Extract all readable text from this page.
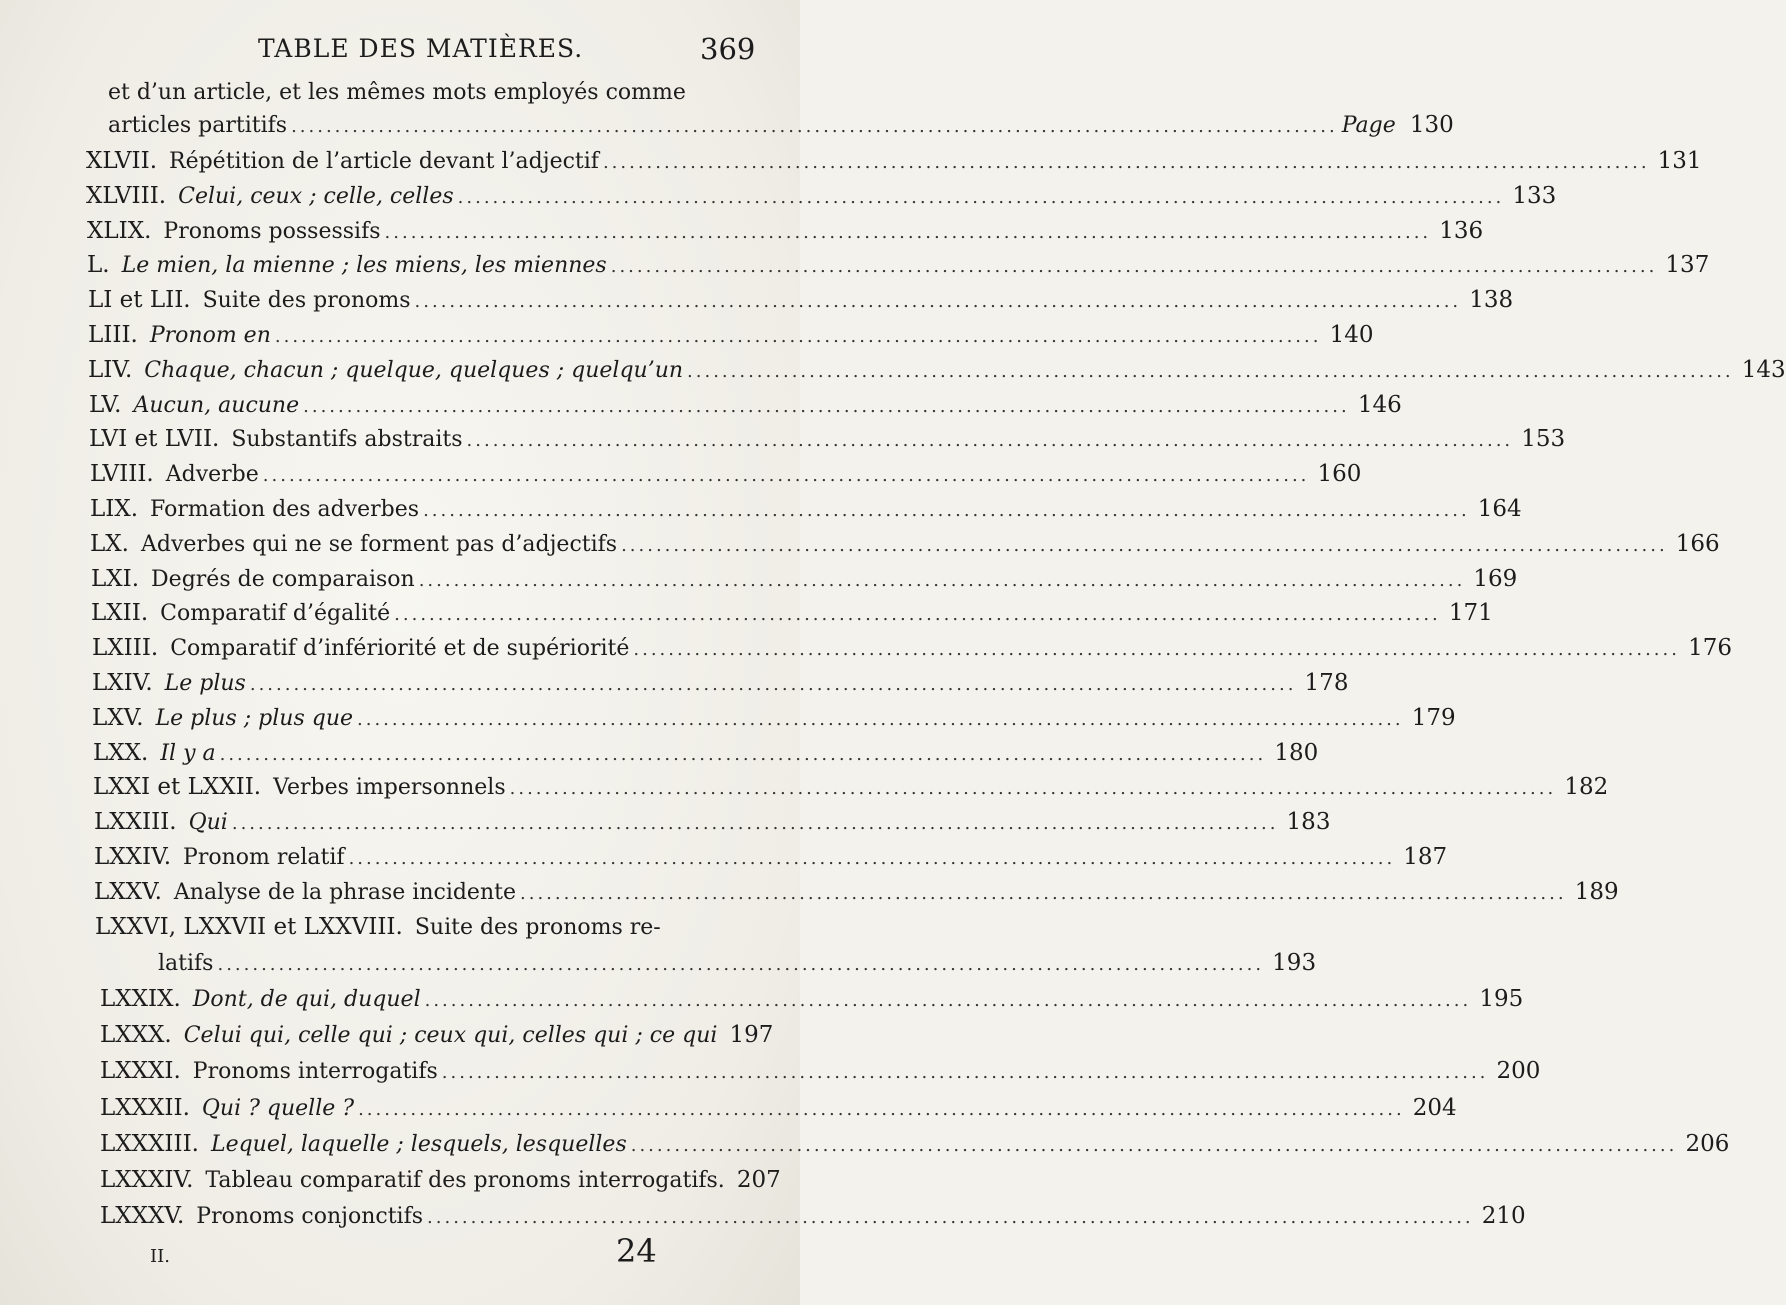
TABLE DES MATIÈRES.	369
et d’un article, et les mêmes mots employés comme
articles partitifs ........................................................................................................................ Page 130
XLVII. Répétition de l’article devant l’adjectif ........................................................................................................................ 131
XLVIII. Celui, ceux ; celle, celles ........................................................................................................................ 133
XLIX. Pronoms possessifs ........................................................................................................................ 136
L. Le mien, la mienne ; les miens, les miennes ........................................................................................................................ 137
LI et LII. Suite des pronoms ........................................................................................................................ 138
LIII. Pronom en ........................................................................................................................ 140
LIV. Chaque, chacun ; quelque, quelques ; quelqu’un ........................................................................................................................ 143
LV. Aucun, aucune ........................................................................................................................ 146
LVI et LVII. Substantifs abstraits ........................................................................................................................ 153
LVIII. Adverbe ........................................................................................................................ 160
LIX. Formation des adverbes ........................................................................................................................ 164
LX. Adverbes qui ne se forment pas d’adjectifs ........................................................................................................................ 166
LXI. Degrés de comparaison ........................................................................................................................ 169
LXII. Comparatif d’égalité ........................................................................................................................ 171
LXIII. Comparatif d’infériorité et de supériorité ........................................................................................................................ 176
LXIV. Le plus ........................................................................................................................ 178
LXV. Le plus ; plus que ........................................................................................................................ 179
LXX. Il y a ........................................................................................................................ 180
LXXI et LXXII. Verbes impersonnels ........................................................................................................................ 182
LXXIII. Qui ........................................................................................................................ 183
LXXIV. Pronom relatif ........................................................................................................................ 187
LXXV. Analyse de la phrase incidente ........................................................................................................................ 189
LXXVI, LXXVII et LXXVIII. Suite des pronoms re-
latifs ........................................................................................................................ 193
LXXIX. Dont, de qui, duquel ........................................................................................................................ 195
LXXX. Celui qui, celle qui ; ceux qui, celles qui ; ce qui 197
LXXXI. Pronoms interrogatifs ........................................................................................................................ 200
LXXXII. Qui ? quelle ? ........................................................................................................................ 204
LXXXIII. Lequel, laquelle ; lesquels, lesquelles ........................................................................................................................ 206
LXXXIV. Tableau comparatif des pronoms interrogatifs. 207
LXXXV. Pronoms conjonctifs ........................................................................................................................ 210
II.	24
